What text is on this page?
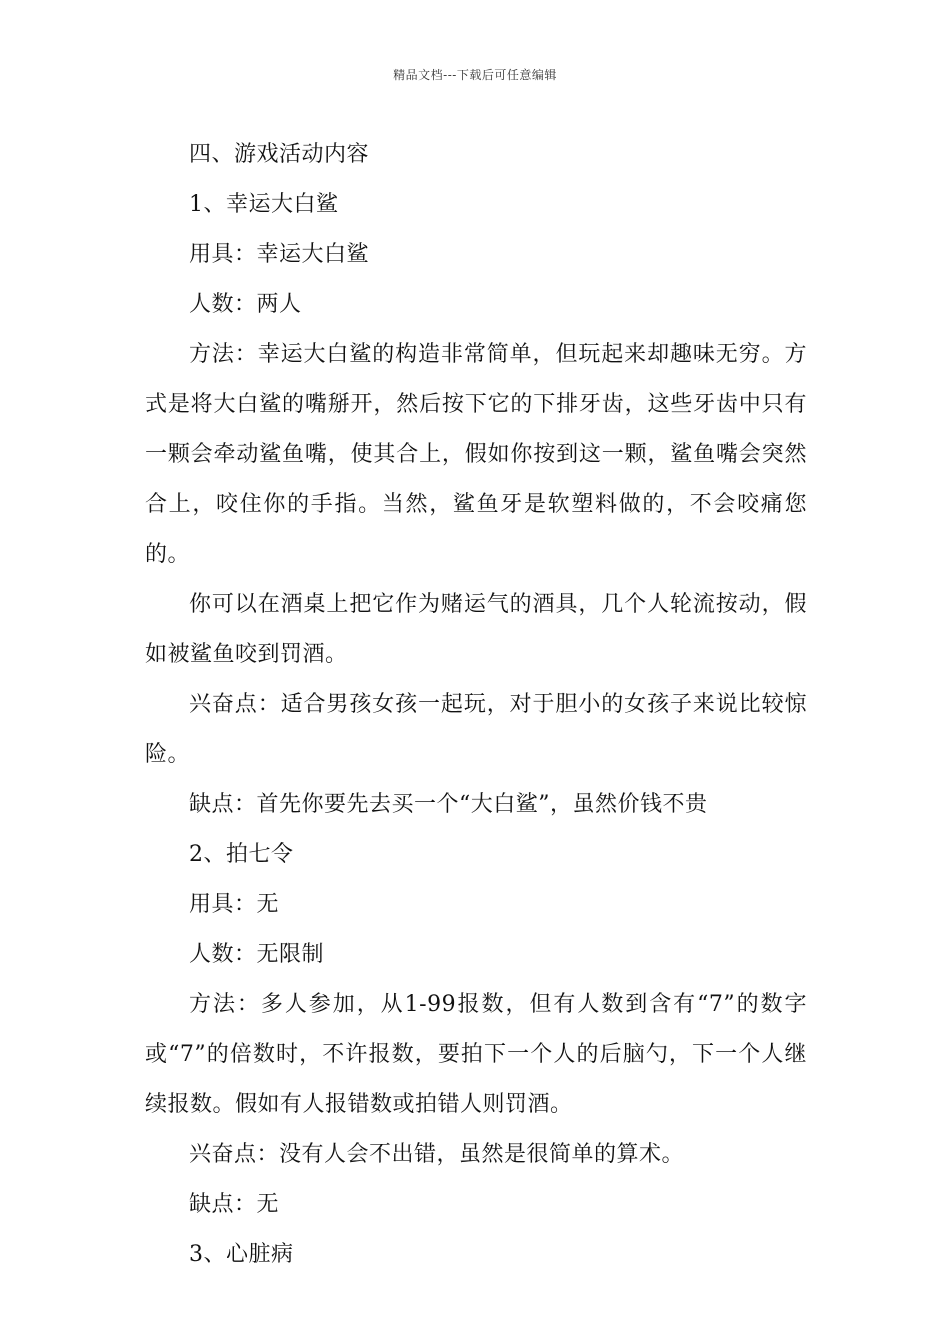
精品文档---下载后可任意编辑

四、游戏活动内容

1、幸运大白鲨

用具：幸运大白鲨

人数：两人

方法：幸运大白鲨的构造非常简单，但玩起来却趣味无穷。方式是将大白鲨的嘴掰开，然后按下它的下排牙齿，这些牙齿中只有一颗会牵动鲨鱼嘴，使其合上，假如你按到这一颗，鲨鱼嘴会突然合上，咬住你的手指。当然，鲨鱼牙是软塑料做的，不会咬痛您的。

你可以在酒桌上把它作为赌运气的酒具，几个人轮流按动，假如被鲨鱼咬到罚酒。

兴奋点：适合男孩女孩一起玩，对于胆小的女孩子来说比较惊险。

缺点：首先你要先去买一个“大白鲨”，虽然价钱不贵

2、拍七令

用具：无

人数：无限制

方法：多人参加，从1-99报数，但有人数到含有“7”的数字或“7”的倍数时，不许报数，要拍下一个人的后脑勺，下一个人继续报数。假如有人报错数或拍错人则罚酒。

兴奋点：没有人会不出错，虽然是很简单的算术。

缺点：无

3、心脏病
